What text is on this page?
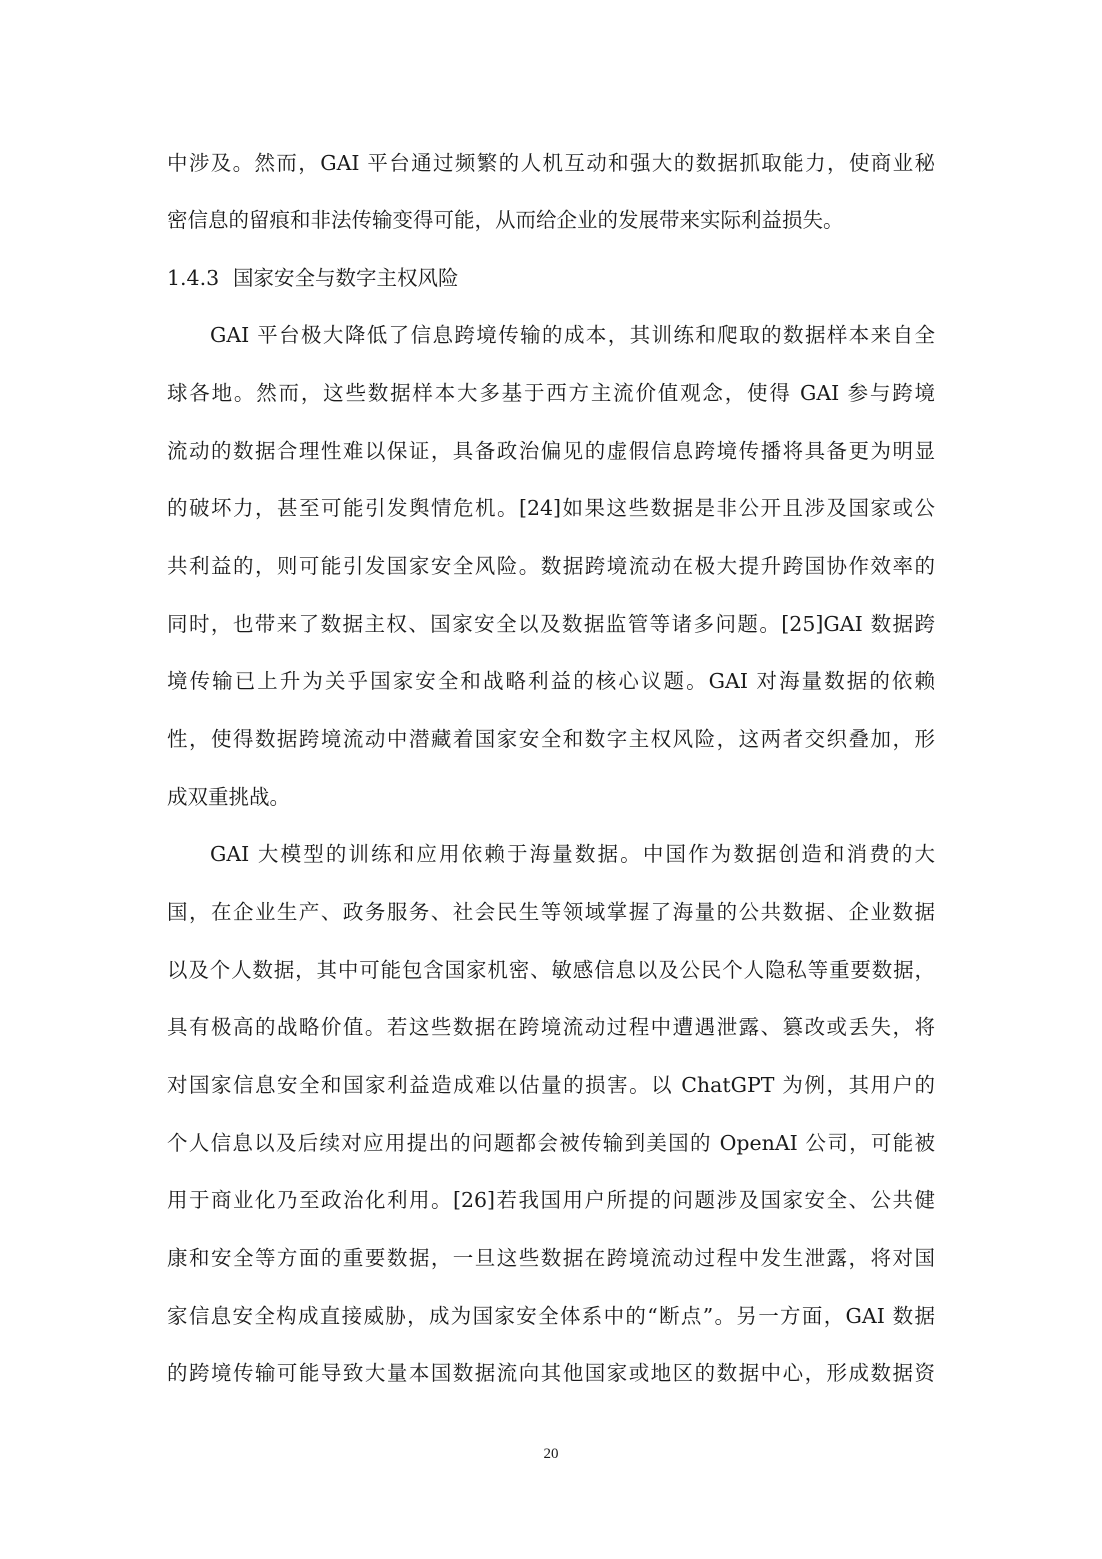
中涉及。然而，GAI 平台通过频繁的人机互动和强大的数据抓取能力，使商业秘
密信息的留痕和非法传输变得可能，从而给企业的发展带来实际利益损失。
1.4.3 国家安全与数字主权风险
GAI 平台极大降低了信息跨境传输的成本，其训练和爬取的数据样本来自全
球各地。然而，这些数据样本大多基于西方主流价值观念，使得 GAI 参与跨境
流动的数据合理性难以保证，具备政治偏见的虚假信息跨境传播将具备更为明显
的破坏力，甚至可能引发舆情危机。[24]如果这些数据是非公开且涉及国家或公
共利益的，则可能引发国家安全风险。数据跨境流动在极大提升跨国协作效率的
同时，也带来了数据主权、国家安全以及数据监管等诸多问题。[25]GAI 数据跨
境传输已上升为关乎国家安全和战略利益的核心议题。GAI 对海量数据的依赖
性，使得数据跨境流动中潜藏着国家安全和数字主权风险，这两者交织叠加，形
成双重挑战。
GAI 大模型的训练和应用依赖于海量数据。中国作为数据创造和消费的大
国，在企业生产、政务服务、社会民生等领域掌握了海量的公共数据、企业数据
以及个人数据，其中可能包含国家机密、敏感信息以及公民个人隐私等重要数据，
具有极高的战略价值。若这些数据在跨境流动过程中遭遇泄露、篡改或丢失，将
对国家信息安全和国家利益造成难以估量的损害。以 ChatGPT 为例，其用户的
个人信息以及后续对应用提出的问题都会被传输到美国的 OpenAI 公司，可能被
用于商业化乃至政治化利用。[26]若我国用户所提的问题涉及国家安全、公共健
康和安全等方面的重要数据，一旦这些数据在跨境流动过程中发生泄露，将对国
家信息安全构成直接威胁，成为国家安全体系中的“断点”。另一方面，GAI 数据
的跨境传输可能导致大量本国数据流向其他国家或地区的数据中心，形成数据资
20
